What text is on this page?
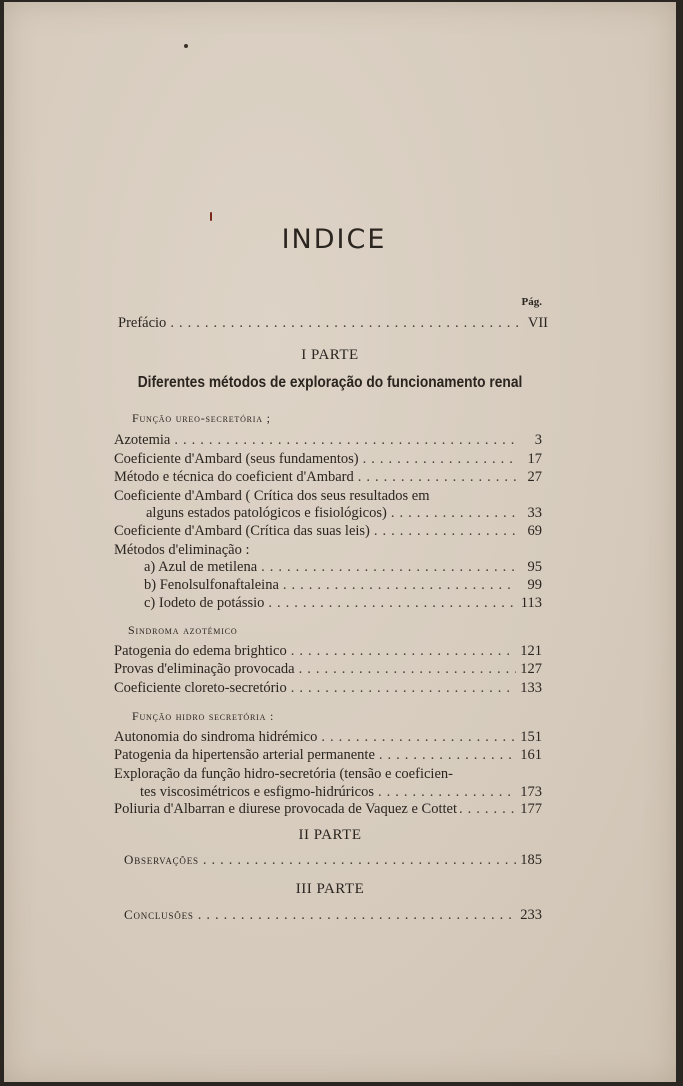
INDICE
Pág.
Prefácio .....	VII
I PARTE
Diferentes métodos de exploração do funcionamento renal
Função ureo-secretória ;
Azotemia .....	3
Coeficiente d'Ambard (seus fundamentos) .....	17
Método e técnica do coeficient d'Ambard .....	27
Coeficiente d'Ambard ( Crítica dos seus resultados em
alguns estados patológicos e fisiológicos) .....	33
Coeficiente d'Ambard (Crítica das suas leis) .....	69
Métodos d'eliminação :
a) Azul de metilena .....	95
b) Fenolsulfonaftaleina .....	99
c) Iodeto de potássio .....	113
Sindroma azotémico
Patogenia do edema brightico .....	121
Provas d'eliminação provocada .....	127
Coeficiente cloreto-secretório .....	133
Função hidro secretória :
Autonomia do sindroma hidrémico .....	151
Patogenia da hipertensão arterial permanente .....	161
Exploração da função hidro-secretória (tensão e coeficien-
tes viscosimétricos e esfigmo-hidrúricos .....	173
Poliuria d'Albarran e diurese provocada de Vaquez e Cottet .....	177
II PARTE
Observações .....	185
III PARTE
Conclusões .....	233
